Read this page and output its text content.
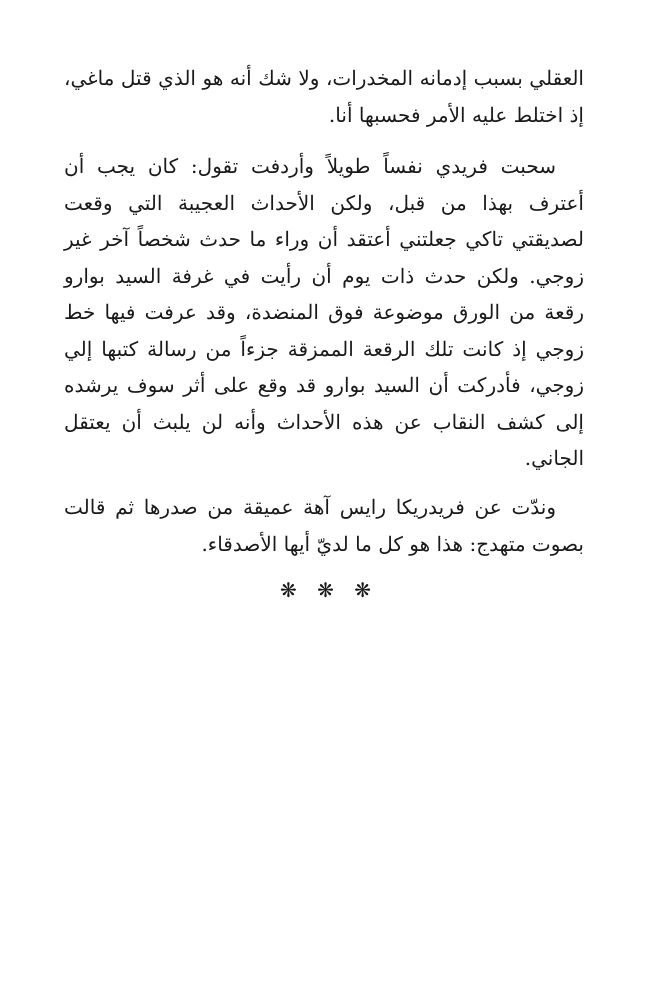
العقلي بسبب إدمانه المخدرات، ولا شك أنه هو الذي قتل ماغي، إذ اختلط عليه الأمر فحسبها أنا.

سحبت فريدي نفساً طويلاً وأردفت تقول: كان يجب أن أعترف بهذا من قبل، ولكن الأحداث العجيبة التي وقعت لصديقتي تاكي جعلتني أعتقد أن وراء ما حدث شخصاً آخر غير زوجي. ولكن حدث ذات يوم أن رأيت في غرفة السيد بوارو رقعة من الورق موضوعة فوق المنضدة، وقد عرفت فيها خط زوجي إذ كانت تلك الرقعة الممزقة جزءاً من رسالة كتبها إلي زوجي، فأدركت أن السيد بوارو قد وقع على أثر سوف يرشده إلى كشف النقاب عن هذه الأحداث وأنه لن يلبث أن يعتقل الجاني.

وندّت عن فريدريكا رايس آهة عميقة من صدرها ثم قالت بصوت متهدج: هذا هو كل ما لديّ أيها الأصدقاء.

❋ ❋ ❋
